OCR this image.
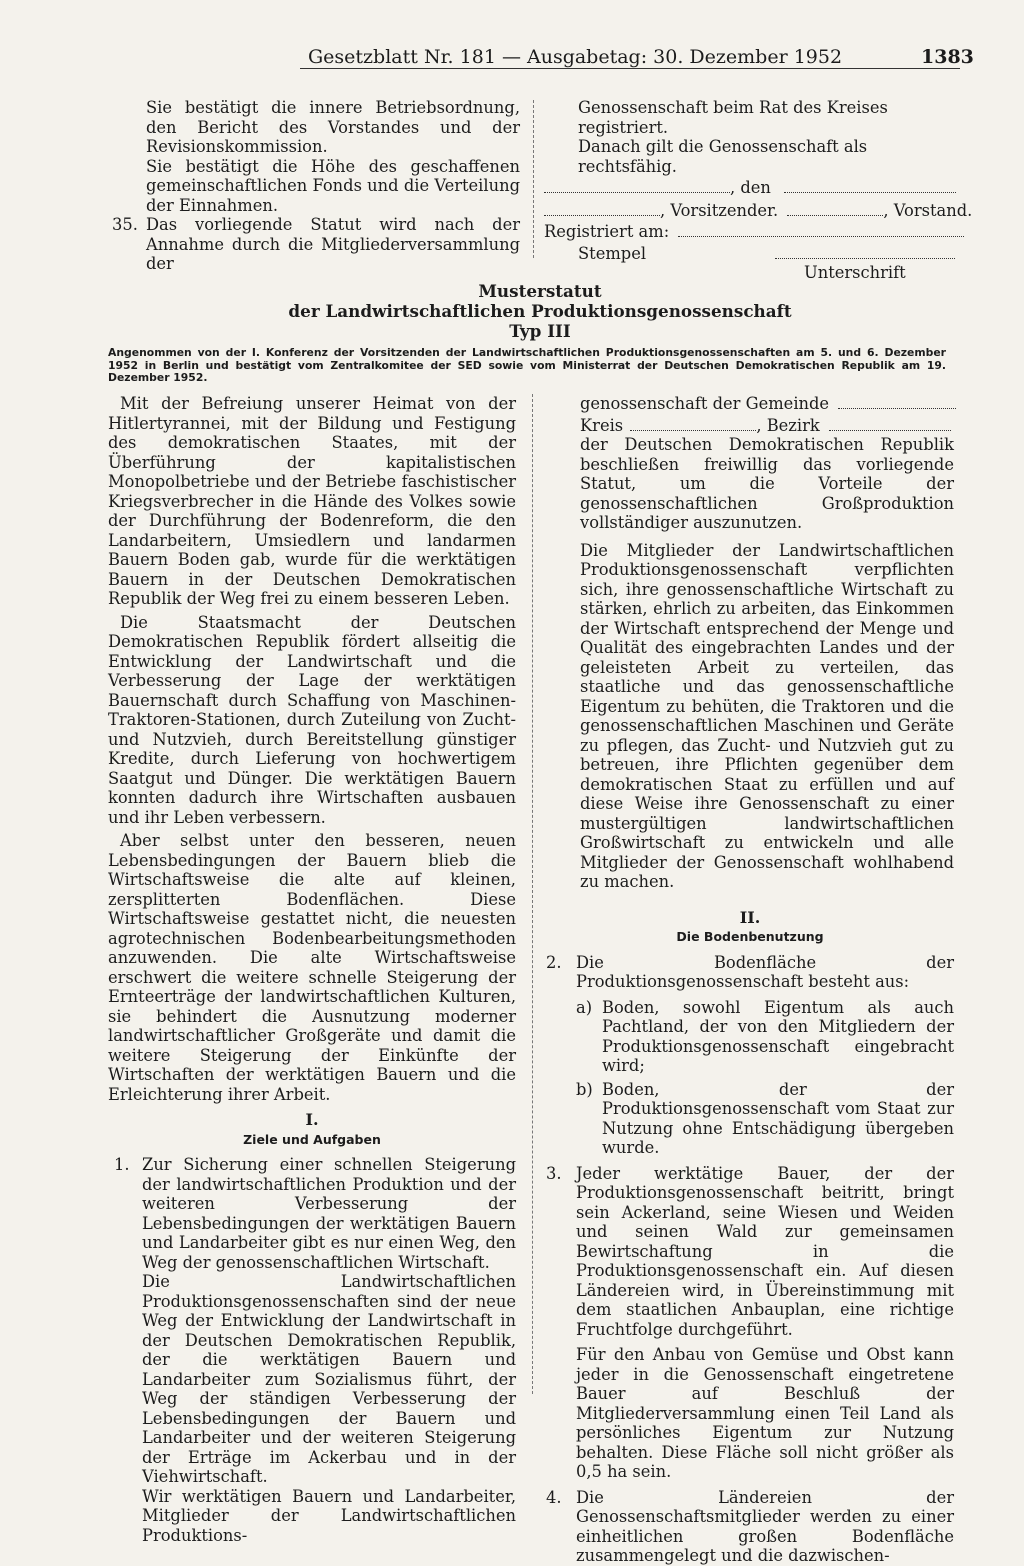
Gesetzblatt Nr. 181 — Ausgabetag: 30. Dezember 1952	1383

Sie bestätigt die innere Betriebsordnung, den Bericht des Vorstandes und der Revisionskommission.

Sie bestätigt die Höhe des geschaffenen gemeinschaftlichen Fonds und die Verteilung der Einnahmen.

35. Das vorliegende Statut wird nach der Annahme durch die Mitgliederversammlung der

Genossenschaft beim Rat des Kreises registriert.

Danach gilt die Genossenschaft als rechtsfähig.

, den
, Vorsitzender.	, Vorstand.
Registriert am:
Stempel
Unterschrift
Musterstatut
der Landwirtschaftlichen Produktionsgenossenschaft
Typ III
Angenommen von der I. Konferenz der Vorsitzenden der Landwirtschaftlichen Produktionsgenossenschaften am 5. und 6. Dezember 1952 in Berlin und bestätigt vom Zentralkomitee der SED sowie vom Ministerrat der Deutschen Demokratischen Republik am 19. Dezember 1952.

Mit der Befreiung unserer Heimat von der Hitlertyrannei, mit der Bildung und Festigung des demokratischen Staates, mit der Überführung der kapitalistischen Monopolbetriebe und der Betriebe faschistischer Kriegsverbrecher in die Hände des Volkes sowie der Durchführung der Bodenreform, die den Landarbeitern, Umsiedlern und landarmen Bauern Boden gab, wurde für die werktätigen Bauern in der Deutschen Demokratischen Republik der Weg frei zu einem besseren Leben.

Die Staatsmacht der Deutschen Demokratischen Republik fördert allseitig die Entwicklung der Landwirtschaft und die Verbesserung der Lage der werktätigen Bauernschaft durch Schaffung von Maschinen-Traktoren-Stationen, durch Zuteilung von Zucht- und Nutzvieh, durch Bereitstellung günstiger Kredite, durch Lieferung von hochwertigem Saatgut und Dünger. Die werktätigen Bauern konnten dadurch ihre Wirtschaften ausbauen und ihr Leben verbessern.

Aber selbst unter den besseren, neuen Lebensbedingungen der Bauern blieb die Wirtschaftsweise die alte auf kleinen, zersplitterten Bodenflächen. Diese Wirtschaftsweise gestattet nicht, die neuesten agrotechnischen Bodenbearbeitungsmethoden anzuwenden. Die alte Wirtschaftsweise erschwert die weitere schnelle Steigerung der Ernteerträge der landwirtschaftlichen Kulturen, sie behindert die Ausnutzung moderner landwirtschaftlicher Großgeräte und damit die weitere Steigerung der Einkünfte der Wirtschaften der werktätigen Bauern und die Erleichterung ihrer Arbeit.

I.
Ziele und Aufgaben
1. Zur Sicherung einer schnellen Steigerung der landwirtschaftlichen Produktion und der weiteren Verbesserung der Lebensbedingungen der werktätigen Bauern und Landarbeiter gibt es nur einen Weg, den Weg der genossenschaftlichen Wirtschaft.

Die Landwirtschaftlichen Produktionsgenossenschaften sind der neue Weg der Entwicklung der Landwirtschaft in der Deutschen Demokratischen Republik, der die werktätigen Bauern und Landarbeiter zum Sozialismus führt, der Weg der ständigen Verbesserung der Lebensbedingungen der Bauern und Landarbeiter und der weiteren Steigerung der Erträge im Ackerbau und in der Viehwirtschaft.

Wir werktätigen Bauern und Landarbeiter, Mitglieder der Landwirtschaftlichen Produktions-

genossenschaft der Gemeinde
Kreis	, Bezirk

der Deutschen Demokratischen Republik beschließen freiwillig das vorliegende Statut, um die Vorteile der genossenschaftlichen Großproduktion vollständiger auszunutzen.

Die Mitglieder der Landwirtschaftlichen Produktionsgenossenschaft verpflichten sich, ihre genossenschaftliche Wirtschaft zu stärken, ehrlich zu arbeiten, das Einkommen der Wirtschaft entsprechend der Menge und Qualität des eingebrachten Landes und der geleisteten Arbeit zu verteilen, das staatliche und das genossenschaftliche Eigentum zu behüten, die Traktoren und die genossenschaftlichen Maschinen und Geräte zu pflegen, das Zucht- und Nutzvieh gut zu betreuen, ihre Pflichten gegenüber dem demokratischen Staat zu erfüllen und auf diese Weise ihre Genossenschaft zu einer mustergültigen landwirtschaftlichen Großwirtschaft zu entwickeln und alle Mitglieder der Genossenschaft wohlhabend zu machen.

II.
Die Bodenbenutzung
2. Die Bodenfläche der Produktionsgenossenschaft besteht aus:

a) Boden, sowohl Eigentum als auch Pachtland, der von den Mitgliedern der Produktionsgenossenschaft eingebracht wird;

b) Boden, der der Produktionsgenossenschaft vom Staat zur Nutzung ohne Entschädigung übergeben wurde.

3. Jeder werktätige Bauer, der der Produktionsgenossenschaft beitritt, bringt sein Ackerland, seine Wiesen und Weiden und seinen Wald zur gemeinsamen Bewirtschaftung in die Produktionsgenossenschaft ein. Auf diesen Ländereien wird, in Übereinstimmung mit dem staatlichen Anbauplan, eine richtige Fruchtfolge durchgeführt.

Für den Anbau von Gemüse und Obst kann jeder in die Genossenschaft eingetretene Bauer auf Beschluß der Mitgliederversammlung einen Teil Land als persönliches Eigentum zur Nutzung behalten. Diese Fläche soll nicht größer als 0,5 ha sein.

4. Die Ländereien der Genossenschaftsmitglieder werden zu einer einheitlichen großen Bodenfläche zusammengelegt und die dazwischen-
